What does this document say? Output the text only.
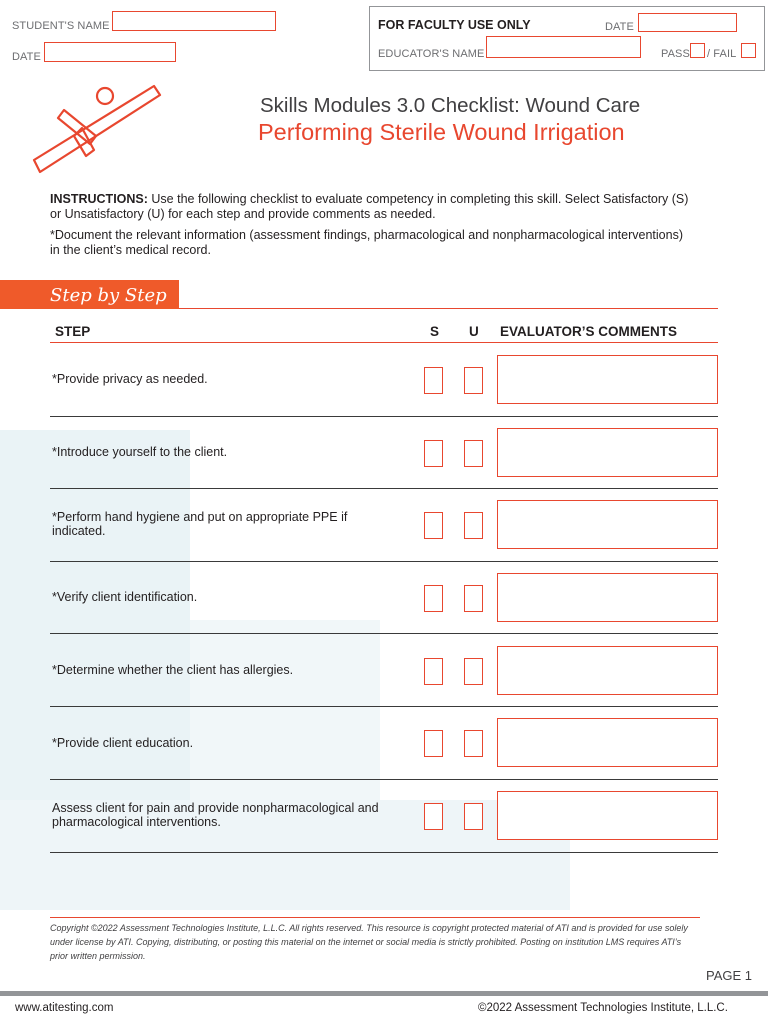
STUDENT'S NAME
DATE
FOR FACULTY USE ONLY	DATE
EDUCATOR'S NAME	PASS / FAIL
Skills Modules 3.0 Checklist: Wound Care
Performing Sterile Wound Irrigation
INSTRUCTIONS: Use the following checklist to evaluate competency in completing this skill. Select Satisfactory (S) or Unsatisfactory (U) for each step and provide comments as needed.
*Document the relevant information (assessment findings, pharmacological and nonpharmacological interventions) in the client’s medical record.
Step by Step
STEP	S U EVALUATOR’S COMMENTS
*Provide privacy as needed.
*Introduce yourself to the client.
*Perform hand hygiene and put on appropriate PPE if indicated.
*Verify client identification.
*Determine whether the client has allergies.
*Provide client education.
Assess client for pain and provide nonpharmacological and pharmacological interventions.
Copyright ©2022 Assessment Technologies Institute, L.L.C. All rights reserved. This resource is copyright protected material of ATI and is provided for use solely under license by ATI. Copying, distributing, or posting this material on the internet or social media is strictly prohibited. Posting on institution LMS requires ATI’s prior written permission.
PAGE 1
www.atitesting.com	©2022 Assessment Technologies Institute, L.L.C.
